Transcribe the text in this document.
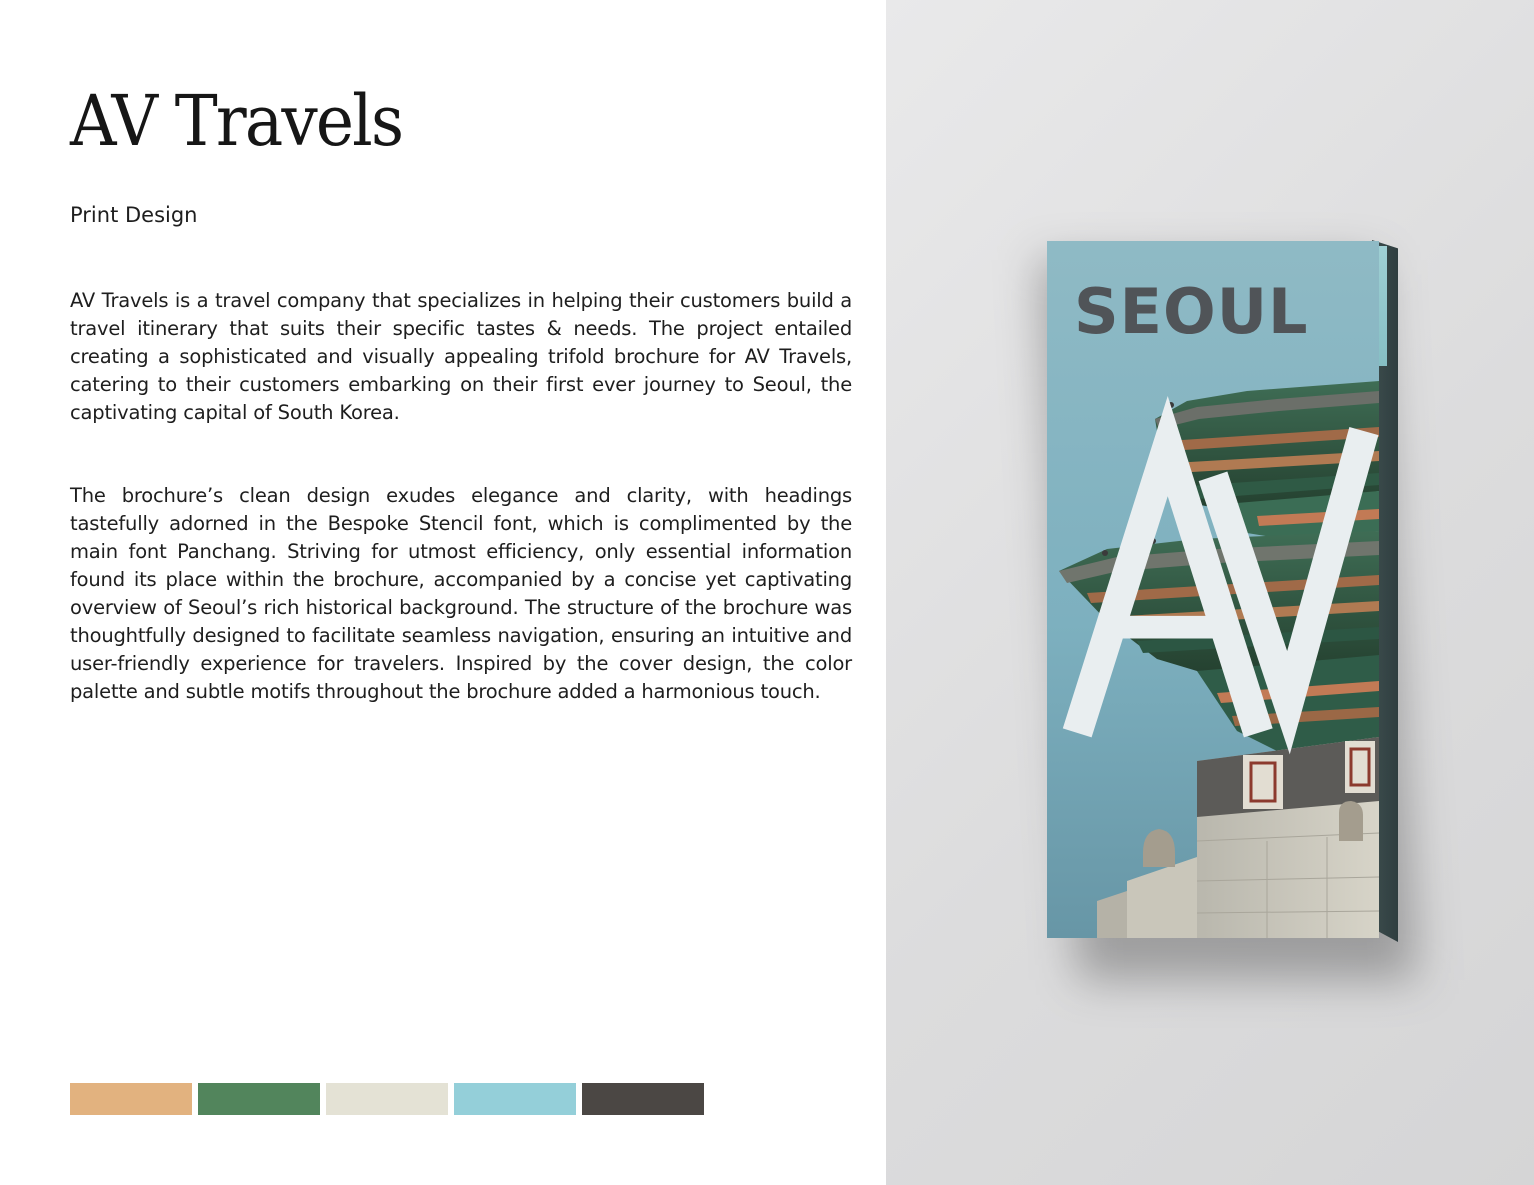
AV Travels

Print Design

AV Travels is a travel company that specializes in helping their customers build a travel itinerary that suits their specific tastes & needs. The project entailed creating a sophisticated and visually appealing trifold brochure for AV Travels, catering to their customers embarking on their first ever journey to Seoul, the captivating capital of South Korea.

The brochure’s clean design exudes elegance and clarity, with headings tastefully adorned in the Bespoke Stencil font, which is complimented by the main font Panchang. Striving for utmost efficiency, only essential information found its place within the brochure, accompanied by a concise yet captivating overview of Seoul’s rich historical background. The structure of the brochure was thoughtfully designed to facilitate seamless navigation, ensuring an intuitive and user-friendly experience for travelers. Inspired by the cover design, the color palette and subtle motifs throughout the brochure added a harmonious touch.

SEOUL
